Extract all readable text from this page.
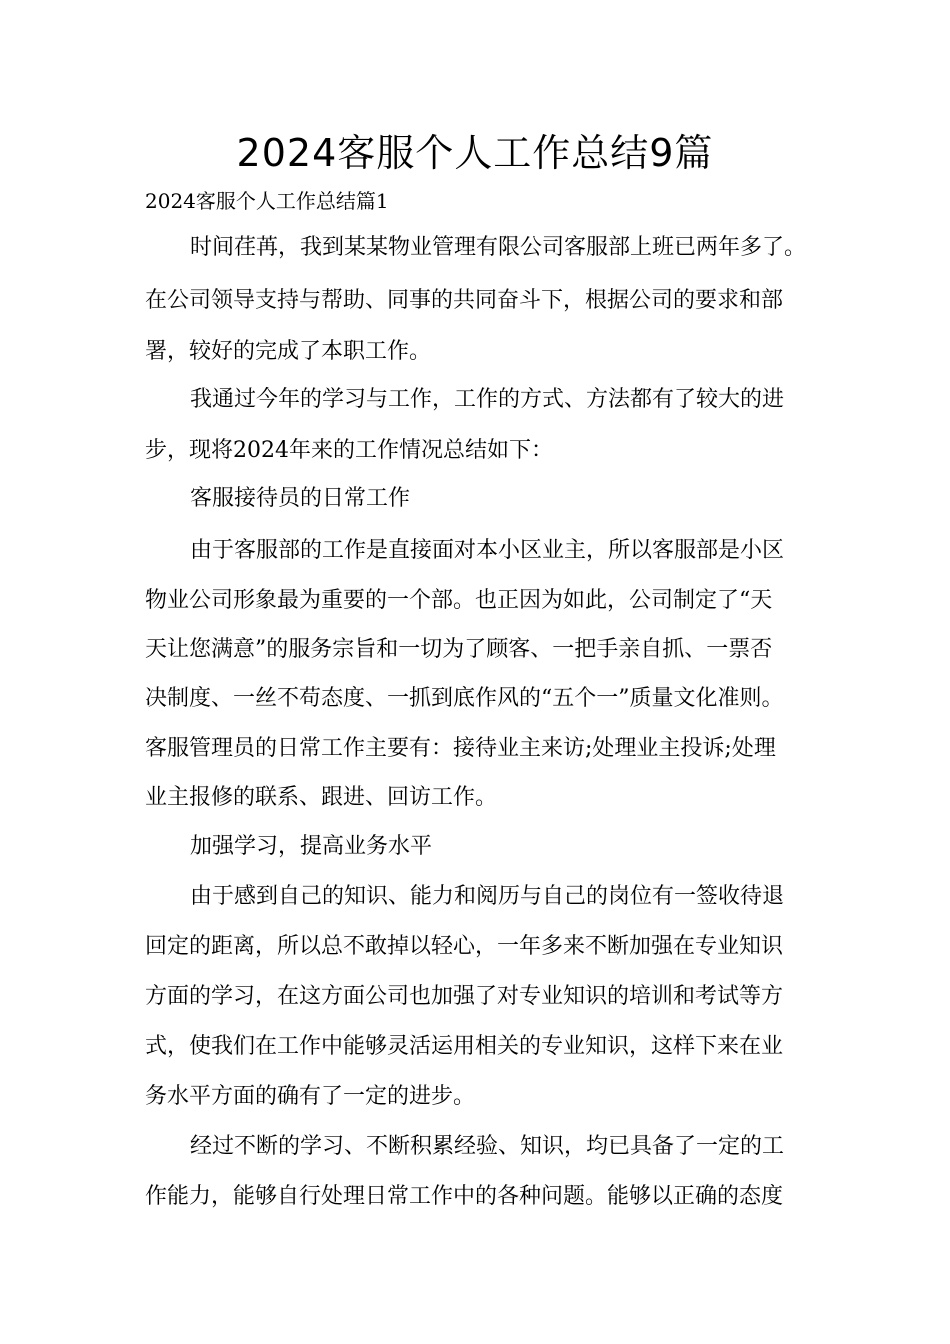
2024客服个人工作总结9篇
2024客服个人工作总结篇1
时间荏苒，我到某某物业管理有限公司客服部上班已两年多了。
在公司领导支持与帮助、同事的共同奋斗下，根据公司的要求和部
署，较好的完成了本职工作。
我通过今年的学习与工作，工作的方式、方法都有了较大的进
步，现将2024年来的工作情况总结如下：
客服接待员的日常工作
由于客服部的工作是直接面对本小区业主，所以客服部是小区
物业公司形象最为重要的一个部。也正因为如此，公司制定了“天
天让您满意”的服务宗旨和一切为了顾客、一把手亲自抓、一票否
决制度、一丝不苟态度、一抓到底作风的“五个一”质量文化准则。
客服管理员的日常工作主要有：接待业主来访;处理业主投诉;处理
业主报修的联系、跟进、回访工作。
加强学习，提高业务水平
由于感到自己的知识、能力和阅历与自己的岗位有一签收待退
回定的距离，所以总不敢掉以轻心，一年多来不断加强在专业知识
方面的学习，在这方面公司也加强了对专业知识的培训和考试等方
式，使我们在工作中能够灵活运用相关的专业知识，这样下来在业
务水平方面的确有了一定的进步。
经过不断的学习、不断积累经验、知识，均已具备了一定的工
作能力，能够自行处理日常工作中的各种问题。能够以正确的态度
